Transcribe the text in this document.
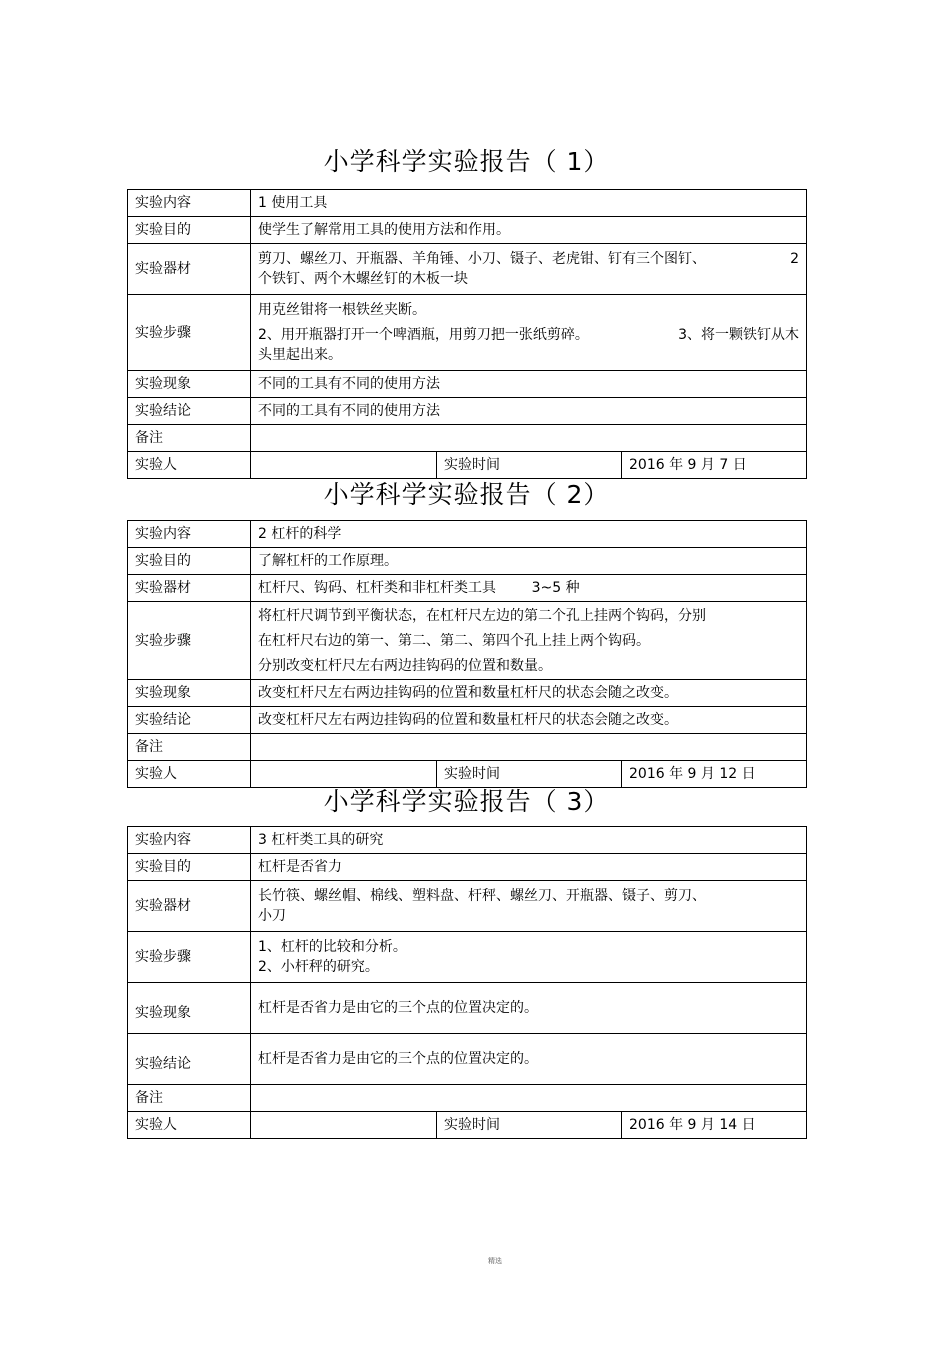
小学科学实验报告（ 1）
实验内容	1 使用工具		
实验目的	使学生了解常用工具的使用方法和作用。		
实验器材	剪刀、螺丝刀、开瓶器、羊角锤、小刀、镊子、老虎钳、钉有三个图钉、 2
个铁钉、两个木螺丝钉的木板一块		

实验步骤	用克丝钳将一根铁丝夹断。
2、用开瓶器打开一个啤酒瓶，用剪刀把一张纸剪碎。 3、将一颗铁钉从木
头里起出来。		

实验现象	不同的工具有不同的使用方法		
实验结论	不同的工具有不同的使用方法		
备注			
实验人		实验时间	2016 年 9 月 7 日
小学科学实验报告（ 2）
实验内容	2 杠杆的科学		
实验目的	了解杠杆的工作原理。		
实验器材	杠杆尺、钩码、杠杆类和非杠杆类工具        3~5 种		
实验步骤	将杠杆尺调节到平衡状态，在杠杆尺左边的第二个孔上挂两个钩码，分别
在杠杆尺右边的第一、第二、第二、第四个孔上挂上两个钩码。
分别改变杠杆尺左右两边挂钩码的位置和数量。		

实验现象	改变杠杆尺左右两边挂钩码的位置和数量杠杆尺的状态会随之改变。		
实验结论	改变杠杆尺左右两边挂钩码的位置和数量杠杆尺的状态会随之改变。		
备注			
实验人		实验时间	2016 年 9 月 12 日
小学科学实验报告（ 3）
实验内容	3 杠杆类工具的研究		
实验目的	杠杆是否省力		
实验器材	长竹筷、螺丝帽、棉线、塑料盘、杆秤、螺丝刀、开瓶器、镊子、剪刀、
小刀		

实验步骤	1、杠杆的比较和分析。
2、小杆秤的研究。		

实验现象	杠杆是否省力是由它的三个点的位置决定的。		
实验结论	杠杆是否省力是由它的三个点的位置决定的。		
备注			
实验人		实验时间	2016 年 9 月 14 日
精选
